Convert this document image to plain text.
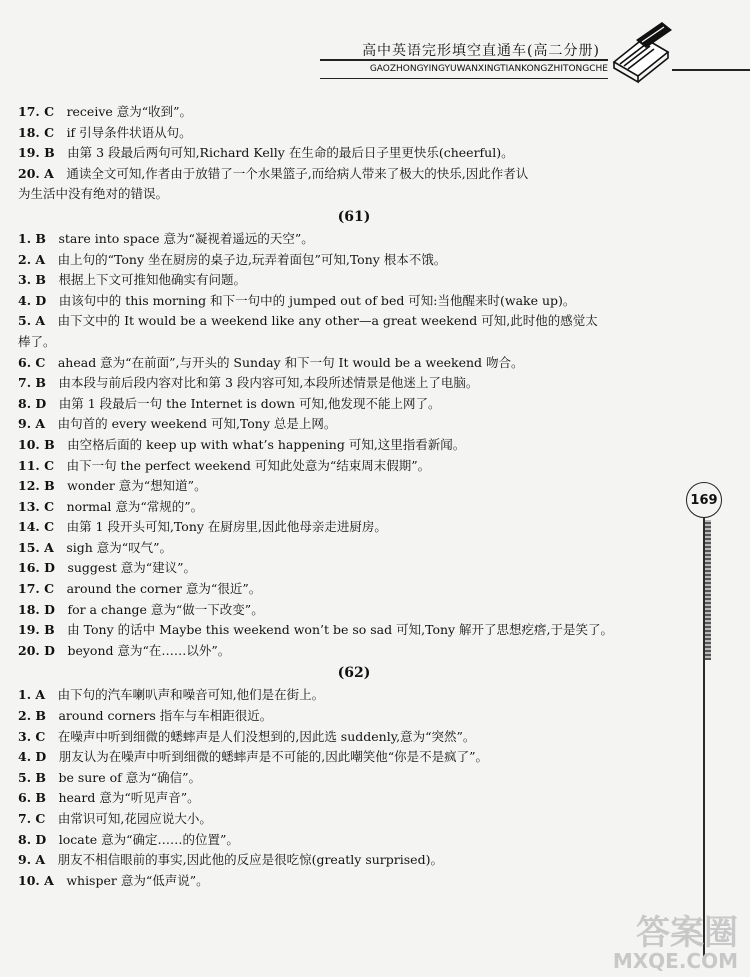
高中英语完形填空直通车(高二分册)
GAOZHONGYINGYUWANXINGTIANKONGZHITONGCHE
17. C  receive 意为“收到”。
18. C  if 引导条件状语从句。
19. B  由第 3 段最后两句可知,Richard Kelly 在生命的最后日子里更快乐(cheerful)。
20. A  通读全文可知,作者由于放错了一个水果篮子,而给病人带来了极大的快乐,因此作者认
为生活中没有绝对的错误。
(61)
1. B  stare into space 意为“凝视着遥远的天空”。
2. A  由上句的“Tony 坐在厨房的桌子边,玩弄着面包”可知,Tony 根本不饿。
3. B  根据上下文可推知他确实有问题。
4. D  由该句中的 this morning 和下一句中的 jumped out of bed 可知:当他醒来时(wake up)。
5. A  由下文中的 It would be a weekend like any other—a great weekend 可知,此时他的感觉太
棒了。
6. C  ahead 意为“在前面”,与开头的 Sunday 和下一句 It would be a weekend 吻合。
7. B  由本段与前后段内容对比和第 3 段内容可知,本段所述情景是他迷上了电脑。
8. D  由第 1 段最后一句 the Internet is down 可知,他发现不能上网了。
9. A  由句首的 every weekend 可知,Tony 总是上网。
10. B  由空格后面的 keep up with what’s happening 可知,这里指看新闻。
11. C  由下一句 the perfect weekend 可知此处意为“结束周末假期”。
12. B  wonder 意为“想知道”。
13. C  normal 意为“常规的”。
14. C  由第 1 段开头可知,Tony 在厨房里,因此他母亲走进厨房。
15. A  sigh 意为“叹气”。
16. D  suggest 意为“建议”。
17. C  around the corner 意为“很近”。
18. D  for a change 意为“做一下改变”。
19. B  由 Tony 的话中 Maybe this weekend won’t be so sad 可知,Tony 解开了思想疙瘩,于是笑了。
20. D  beyond 意为“在……以外”。
(62)
1. A  由下句的汽车喇叭声和噪音可知,他们是在街上。
2. B  around corners 指车与车相距很近。
3. C  在噪声中听到细微的蟋蟀声是人们没想到的,因此选 suddenly,意为“突然”。
4. D  朋友认为在噪声中听到细微的蟋蟀声是不可能的,因此嘲笑他“你是不是疯了”。
5. B  be sure of 意为“确信”。
6. B  heard 意为“听见声音”。
7. C  由常识可知,花园应说大小。
8. D  locate 意为“确定……的位置”。
9. A  朋友不相信眼前的事实,因此他的反应是很吃惊(greatly surprised)。
10. A  whisper 意为“低声说”。
169
答案圈
MXQE.COM
